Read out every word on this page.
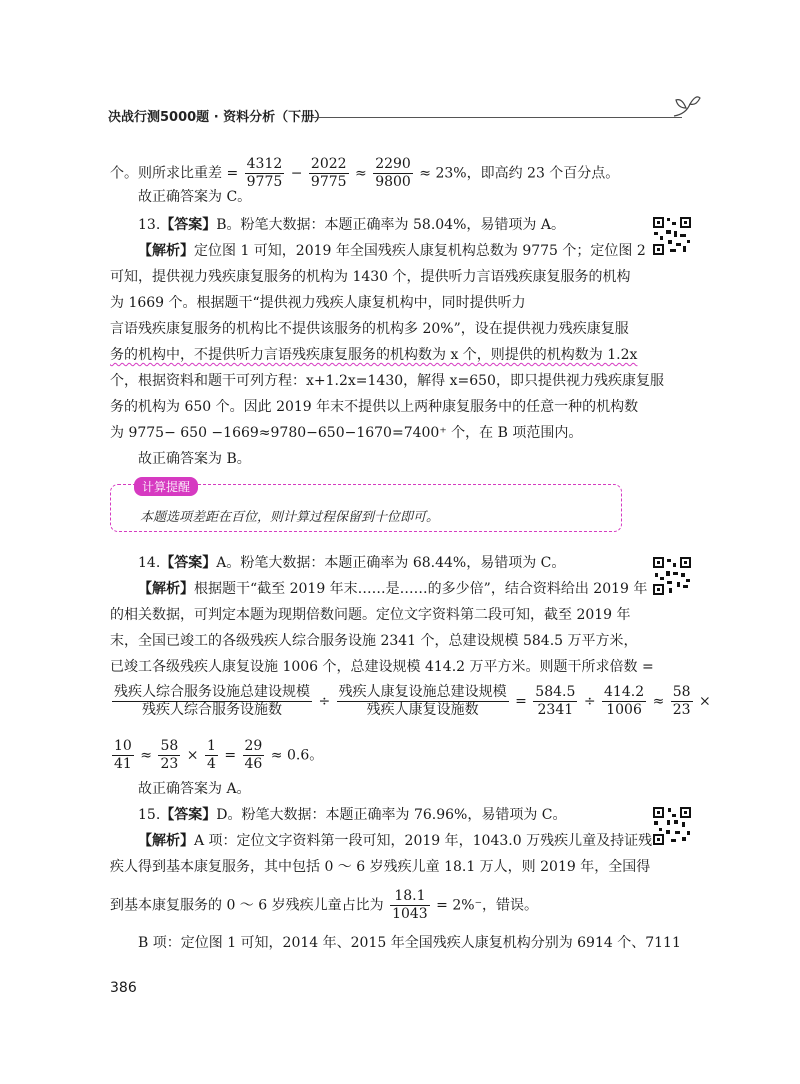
决战行测5000题 · 资料分析（下册）
个。则所求比重差 = $\frac{4312}{9775} - \frac{2022}{9775} \approx \frac{2290}{9800} \approx 23\%$，即高约 23 个百分点。
故正确答案为 C。
13.【答案】B。粉笔大数据：本题正确率为 58.04%，易错项为 A。
【解析】定位图 1 可知，2019 年全国残疾人康复机构总数为 9775 个；定位图 2
可知，提供视力残疾康复服务的机构为 1430 个，提供听力言语残疾康复服务的机构
为 1669 个。根据题干“提供视力残疾人康复机构中，同时提供听力
言语残疾康复服务的机构比不提供该服务的机构多 20%”，设在提供视力残疾康复服
务的机构中，不提供听力言语残疾康复服务的机构数为 x 个，则提供的机构数为 1.2x
个，根据资料和题干可列方程：x+1.2x=1430，解得 x=650，即只提供视力残疾康复服
务的机构为 650 个。因此 2019 年末不提供以上两种康复服务中的任意一种的机构数
为 9775− 650 −1669≈9780−650−1670=7400⁺ 个，在 B 项范围内。
故正确答案为 B。
计算提醒
本题选项差距在百位，则计算过程保留到十位即可。
14.【答案】A。粉笔大数据：本题正确率为 68.44%，易错项为 C。
【解析】根据题干“截至 2019 年末……是……的多少倍”，结合资料给出 2019 年
的相关数据，可判定本题为现期倍数问题。定位文字资料第二段可知，截至 2019 年
末，全国已竣工的各级残疾人综合服务设施 2341 个，总建设规模 584.5 万平方米，
已竣工各级残疾人康复设施 1006 个，总建设规模 414.2 万平方米。则题干所求倍数 =
$\frac{\text{残疾人综合服务设施总建设规模}}{\text{残疾人综合服务设施数}} \div \frac{\text{残疾人康复设施总建设规模}}{\text{残疾人康复设施数}} = \frac{584.5}{2341} \div \frac{414.2}{1006} \approx \frac{58}{23}$ ×
$\frac{10}{41} \approx \frac{58}{23} \times \frac{1}{4} = \frac{29}{46} \approx 0.6$。
故正确答案为 A。
15.【答案】D。粉笔大数据：本题正确率为 76.96%，易错项为 C。
【解析】A 项：定位文字资料第一段可知，2019 年，1043.0 万残疾儿童及持证残
疾人得到基本康复服务，其中包括 0 ～ 6 岁残疾儿童 18.1 万人，则 2019 年，全国得
到基本康复服务的 0 ～ 6 岁残疾儿童占比为 $\frac{18.1}{1043} = 2\%^-$，错误。
B 项：定位图 1 可知，2014 年、2015 年全国残疾人康复机构分别为 6914 个、7111
386
